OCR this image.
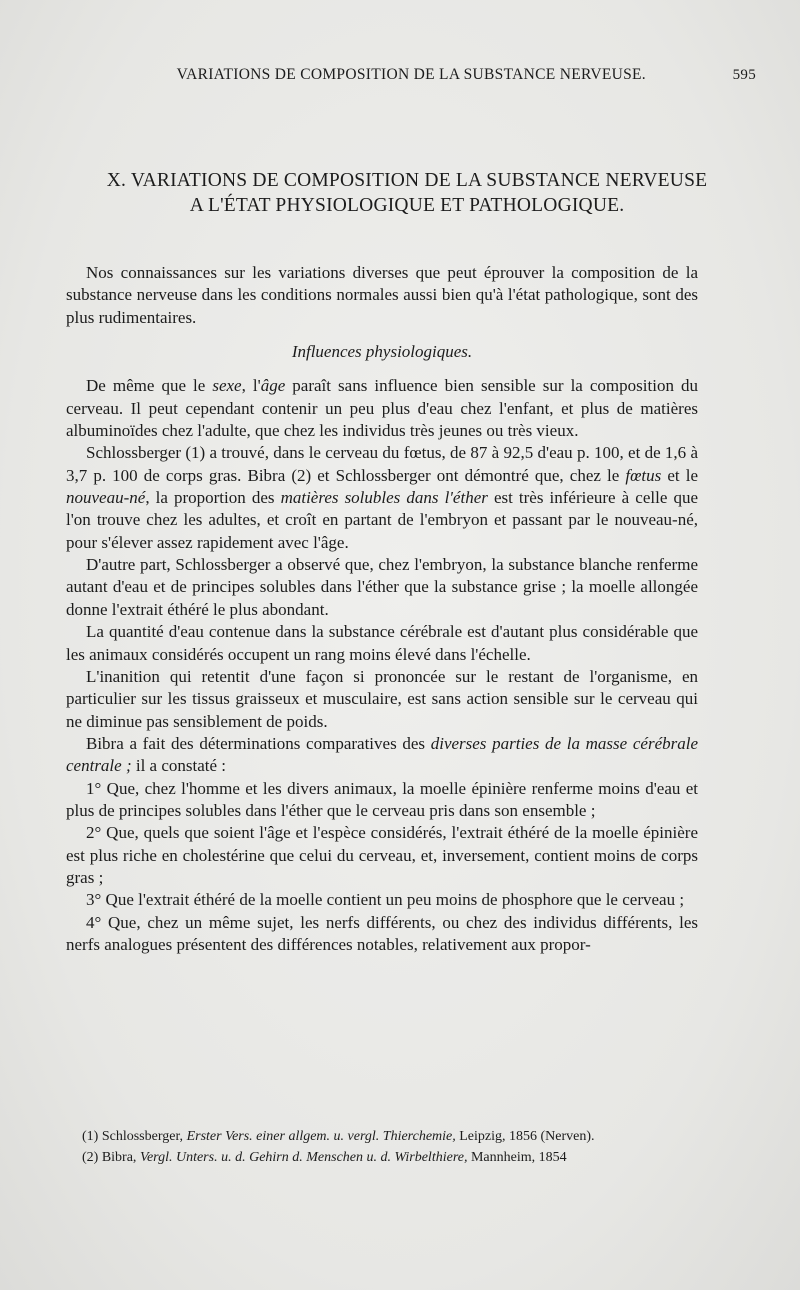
VARIATIONS DE COMPOSITION DE LA SUBSTANCE NERVEUSE.	595
X. VARIATIONS DE COMPOSITION DE LA SUBSTANCE NERVEUSE
A L'ÉTAT PHYSIOLOGIQUE ET PATHOLOGIQUE.

Nos connaissances sur les variations diverses que peut éprouver la composition de la substance nerveuse dans les conditions normales aussi bien qu'à l'état pathologique, sont des plus rudimentaires.

Influences physiologiques.

De même que le sexe, l'âge paraît sans influence bien sensible sur la composition du cerveau. Il peut cependant contenir un peu plus d'eau chez l'enfant, et plus de matières albuminoïdes chez l'adulte, que chez les individus très jeunes ou très vieux.

Schlossberger (1) a trouvé, dans le cerveau du fœtus, de 87 à 92,5 d'eau p. 100, et de 1,6 à 3,7 p. 100 de corps gras. Bibra (2) et Schlossberger ont démontré que, chez le fœtus et le nouveau-né, la proportion des matières solubles dans l'éther est très inférieure à celle que l'on trouve chez les adultes, et croît en partant de l'embryon et passant par le nouveau-né, pour s'élever assez rapidement avec l'âge.

D'autre part, Schlossberger a observé que, chez l'embryon, la substance blanche renferme autant d'eau et de principes solubles dans l'éther que la substance grise ; la moelle allongée donne l'extrait éthéré le plus abondant.

La quantité d'eau contenue dans la substance cérébrale est d'autant plus considérable que les animaux considérés occupent un rang moins élevé dans l'échelle.

L'inanition qui retentit d'une façon si prononcée sur le restant de l'organisme, en particulier sur les tissus graisseux et musculaire, est sans action sensible sur le cerveau qui ne diminue pas sensiblement de poids.

Bibra a fait des déterminations comparatives des diverses parties de la masse cérébrale centrale ; il a constaté :

1° Que, chez l'homme et les divers animaux, la moelle épinière renferme moins d'eau et plus de principes solubles dans l'éther que le cerveau pris dans son ensemble ;

2° Que, quels que soient l'âge et l'espèce considérés, l'extrait éthéré de la moelle épinière est plus riche en cholestérine que celui du cerveau, et, inversement, contient moins de corps gras ;

3° Que l'extrait éthéré de la moelle contient un peu moins de phosphore que le cerveau ;

4° Que, chez un même sujet, les nerfs différents, ou chez des individus différents, les nerfs analogues présentent des différences notables, relativement aux propor-

(1) Schlossberger, Erster Vers. einer allgem. u. vergl. Thierchemie, Leipzig, 1856 (Nerven).
(2) Bibra, Vergl. Unters. u. d. Gehirn d. Menschen u. d. Wirbelthiere, Mannheim, 1854
